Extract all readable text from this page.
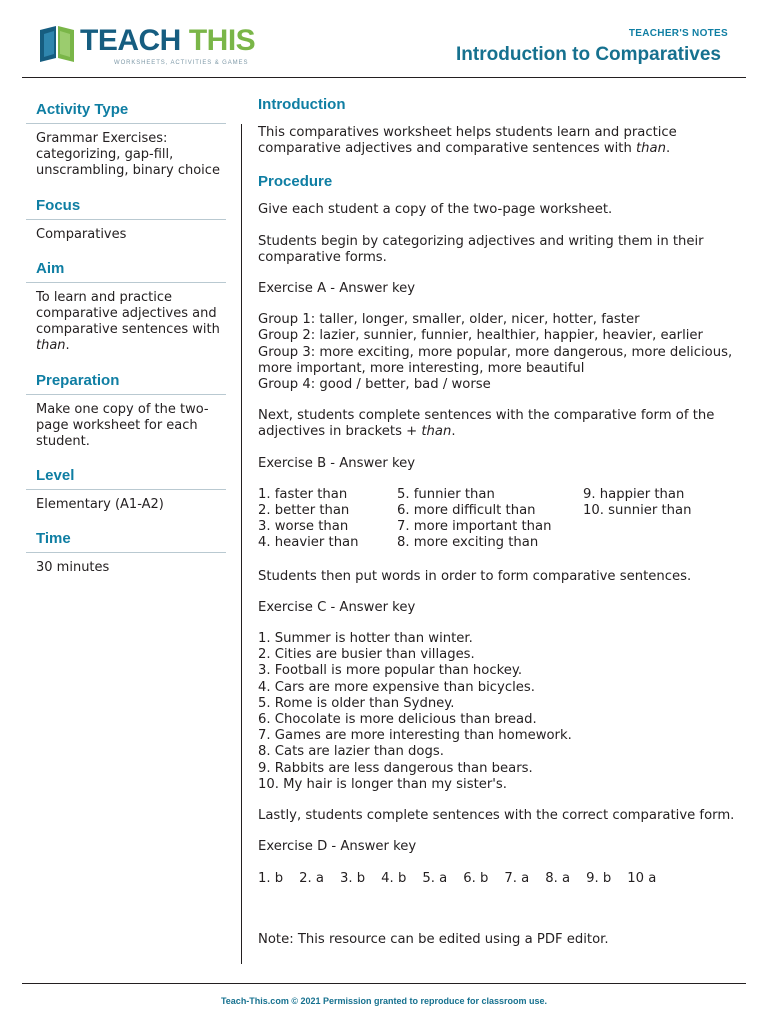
TEACH THIS
WORKSHEETS, ACTIVITIES & GAMES
TEACHER'S NOTES
Introduction to Comparatives
Activity Type
Grammar Exercises: categorizing, gap-fill, unscrambling, binary choice
Focus
Comparatives
Aim
To learn and practice comparative adjectives and comparative sentences with than.
Preparation
Make one copy of the two-page worksheet for each student.
Level
Elementary (A1-A2)
Time
30 minutes
Introduction

This comparatives worksheet helps students learn and practice comparative adjectives and comparative sentences with than.

Procedure

Give each student a copy of the two-page worksheet.

Students begin by categorizing adjectives and writing them in their comparative forms.

Exercise A - Answer key

Group 1: taller, longer, smaller, older, nicer, hotter, faster
Group 2: lazier, sunnier, funnier, healthier, happier, heavier, earlier Group 3: more exciting, more popular, more dangerous, more delicious, more important, more interesting, more beautiful
Group 4: good / better, bad / worse

Next, students complete sentences with the comparative form of the adjectives in brackets + than.

Exercise B - Answer key

1. faster than
2. better than
3. worse than
4. heavier than
5. funnier than
6. more difficult than
7. more important than
8. more exciting than
9. happier than
10. sunnier than

Students then put words in order to form comparative sentences.

Exercise C - Answer key

1. Summer is hotter than winter.
2. Cities are busier than villages.
3. Football is more popular than hockey.
4. Cars are more expensive than bicycles.
5. Rome is older than Sydney.
6. Chocolate is more delicious than bread.
7. Games are more interesting than homework.
8. Cats are lazier than dogs.
9. Rabbits are less dangerous than bears.
10. My hair is longer than my sister's.

Lastly, students complete sentences with the correct comparative form.

Exercise D - Answer key

1. b 2. a 3. b 4. b 5. a 6. b 7. a 8. a 9. b 10 a

Note: This resource can be edited using a PDF editor.

Teach-This.com © 2021 Permission granted to reproduce for classroom use.
